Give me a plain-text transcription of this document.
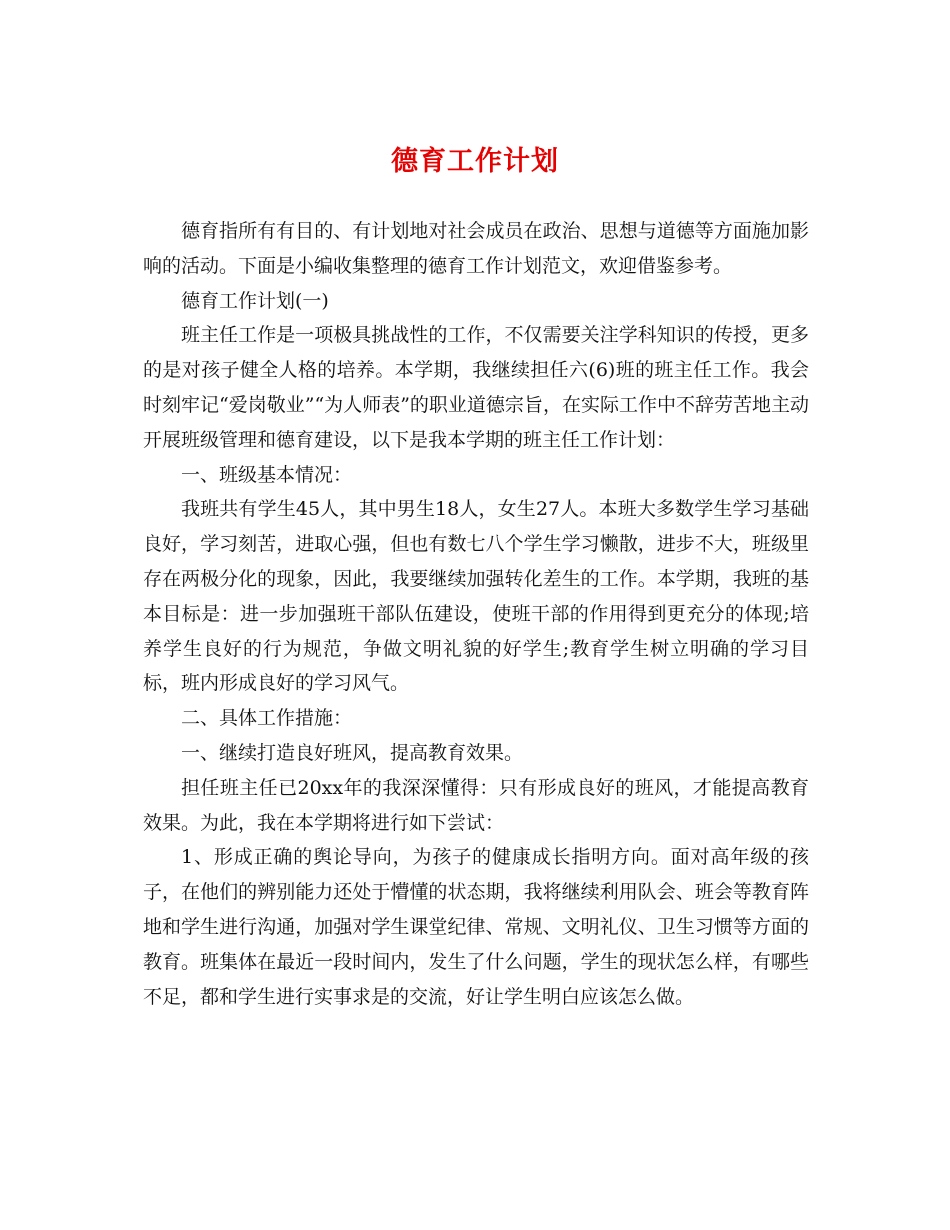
德育工作计划

德育指所有有目的、有计划地对社会成员在政治、思想与道德等方面施加影响的活动。下面是小编收集整理的德育工作计划范文，欢迎借鉴参考。

德育工作计划(一)

班主任工作是一项极具挑战性的工作，不仅需要关注学科知识的传授，更多的是对孩子健全人格的培养。本学期，我继续担任六(6)班的班主任工作。我会时刻牢记“爱岗敬业”“为人师表”的职业道德宗旨，在实际工作中不辞劳苦地主动开展班级管理和德育建设，以下是我本学期的班主任工作计划：

一、班级基本情况：

我班共有学生45人，其中男生18人，女生27人。本班大多数学生学习基础良好，学习刻苦，进取心强，但也有数七八个学生学习懒散，进步不大，班级里存在两极分化的现象，因此，我要继续加强转化差生的工作。本学期，我班的基本目标是：进一步加强班干部队伍建设，使班干部的作用得到更充分的体现;培养学生良好的行为规范，争做文明礼貌的好学生;教育学生树立明确的学习目标，班内形成良好的学习风气。

二、具体工作措施：

一、继续打造良好班风，提高教育效果。

担任班主任已20xx年的我深深懂得：只有形成良好的班风，才能提高教育效果。为此，我在本学期将进行如下尝试：

1、形成正确的舆论导向，为孩子的健康成长指明方向。面对高年级的孩子，在他们的辨别能力还处于懵懂的状态期，我将继续利用队会、班会等教育阵地和学生进行沟通，加强对学生课堂纪律、常规、文明礼仪、卫生习惯等方面的教育。班集体在最近一段时间内，发生了什么问题，学生的现状怎么样，有哪些不足，都和学生进行实事求是的交流，好让学生明白应该怎么做。
